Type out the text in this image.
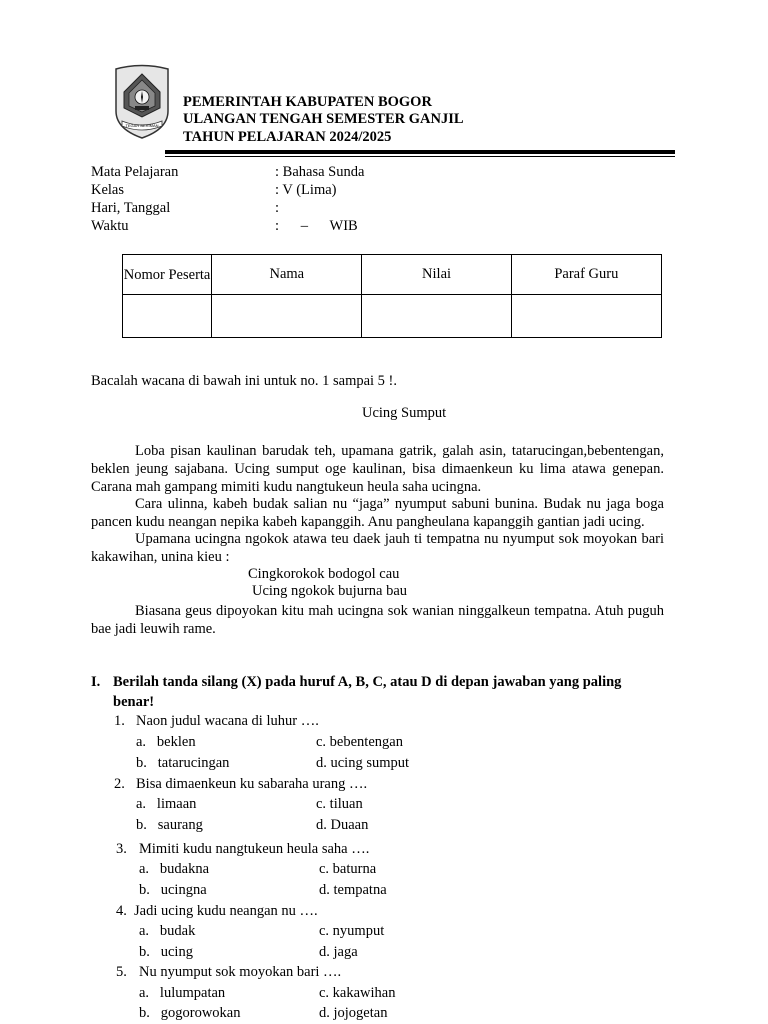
TEGAR BERIMAN
PEMERINTAH KABUPATEN BOGOR
ULANGAN TENGAH SEMESTER GANJIL
TAHUN PELAJARAN 2024/2025
Mata Pelajaran	: Bahasa Sunda
Kelas	: V (Lima)
Hari, Tanggal	:
Waktu	:      –      WIB
Nomor Peserta	Nama	Nilai	Paraf Guru

Bacalah wacana di bawah ini untuk no. 1 sampai 5 !.
Ucing Sumput
Loba pisan kaulinan barudak teh, upamana gatrik, galah asin, tatarucingan,bebentengan, beklen jeung sajabana. Ucing sumput oge kaulinan, bisa dimaenkeun ku lima atawa genepan. Carana mah gampang mimiti kudu nangtukeun heula saha ucingna.
Cara ulinna, kabeh budak salian nu “jaga” nyumput sabuni bunina. Budak nu jaga boga pancen kudu neangan nepika kabeh kapanggih. Anu pangheulana kapanggih gantian jadi ucing.
Upamana ucingna ngokok atawa teu daek jauh ti tempatna nu nyumput sok moyokan bari kakawihan, unina kieu :
Cingkorokok bodogol cau
Ucing ngokok bujurna bau
Biasana geus dipoyokan kitu mah ucingna sok wanian ninggalkeun tempatna. Atuh puguh bae jadi leuwih rame.
I. Berilah tanda silang (X) pada huruf A, B, C, atau D di depan jawaban yang paling
benar!
1. Naon judul wacana di luhur ….
a.   beklen	c. bebentengan
b.   tatarucingan	d. ucing sumput
2. Bisa dimaenkeun ku sabaraha urang ….
a.   limaan	c. tiluan
b.   saurang	d. Duaan
3. Mimiti kudu nangtukeun heula saha ….
a.   budakna	c. baturna
b.   ucingna	d. tempatna
4. Jadi ucing kudu neangan nu ….
a.   budak	c. nyumput
b.   ucing	d. jaga
5. Nu nyumput sok moyokan bari ….
a.   lulumpatan	c. kakawihan
b.   gogorowokan	d. jojogetan
